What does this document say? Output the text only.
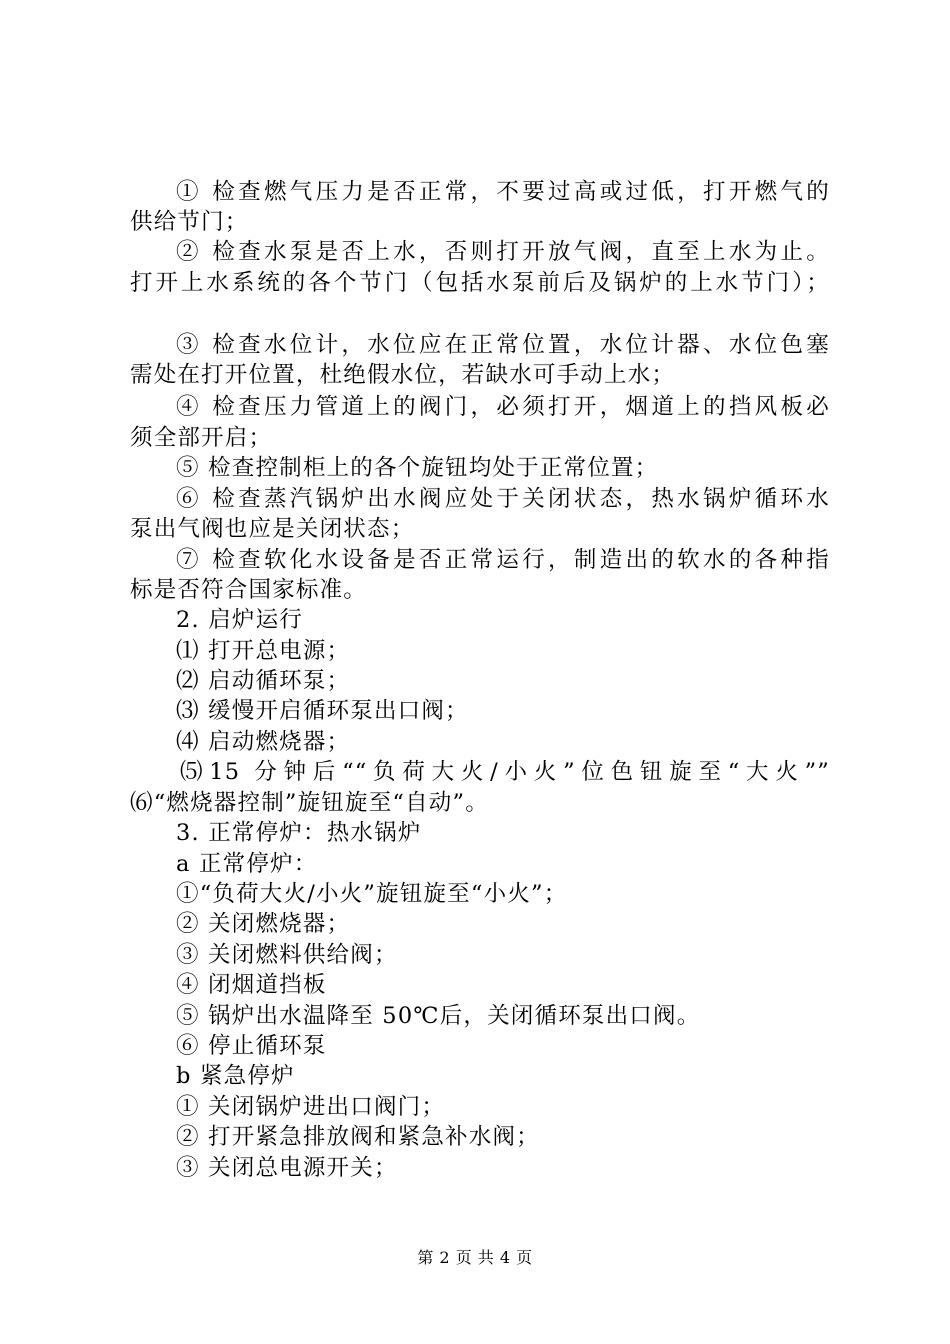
① 检查燃气压力是否正常，不要过高或过低，打开燃气的
供给节门；
② 检查水泵是否上水，否则打开放气阀，直至上水为止。
打开上水系统的各个节门（包括水泵前后及锅炉的上水节门）；
③ 检查水位计，水位应在正常位置，水位计器、水位色塞
需处在打开位置，杜绝假水位，若缺水可手动上水；
④ 检查压力管道上的阀门，必须打开，烟道上的挡风板必
须全部开启；
⑤ 检查控制柜上的各个旋钮均处于正常位置；
⑥ 检查蒸汽锅炉出水阀应处于关闭状态，热水锅炉循环水
泵出气阀也应是关闭状态；
⑦ 检查软化水设备是否正常运行，制造出的软水的各种指
标是否符合国家标准。
2. 启炉运行
⑴ 打开总电源；
⑵ 启动循环泵；
⑶ 缓慢开启循环泵出口阀；
⑷ 启动燃烧器；
⑸15 分钟后““负荷大火/小火”位色钮旋至“大火””
⑹“燃烧器控制”旋钮旋至“自动”。
3. 正常停炉：热水锅炉
a 正常停炉：
①“负荷大火/小火”旋钮旋至“小火”；
② 关闭燃烧器；
③ 关闭燃料供给阀；
④ 闭烟道挡板
⑤ 锅炉出水温降至 50℃后，关闭循环泵出口阀。
⑥ 停止循环泵
b 紧急停炉
① 关闭锅炉进出口阀门；
② 打开紧急排放阀和紧急补水阀；
③ 关闭总电源开关；
第 2 页 共 4 页
